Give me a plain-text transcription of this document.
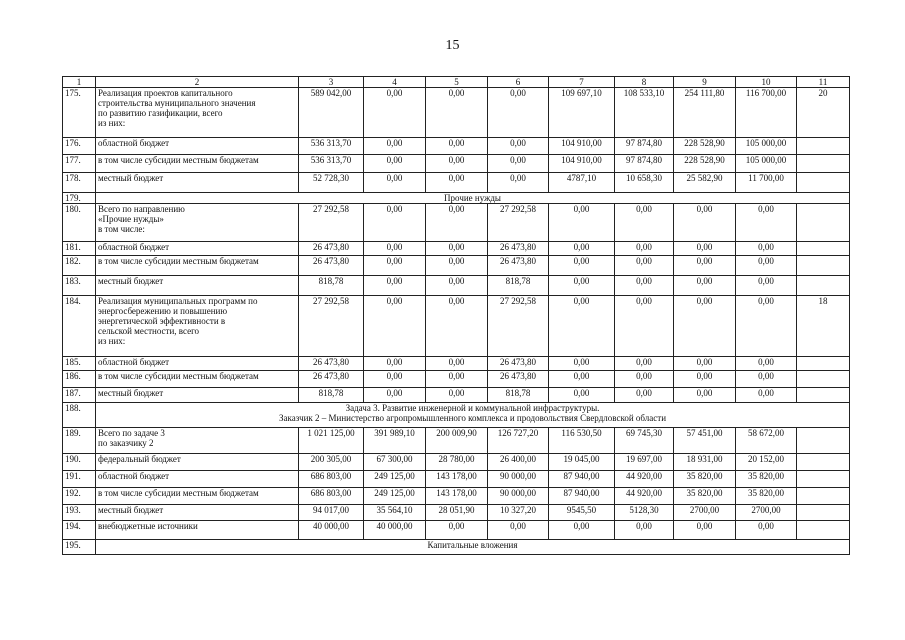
15
1	2	3	4	5	6	7	8	9	10	11
175.	Реализация проектов капитального
строительства муниципального значения
по развитию газификации, всего
из них:	589 042,00	0,00	0,00	0,00	109 697,10	108 533,10	254 111,80	116 700,00	20
176.	областной бюджет	536 313,70	0,00	0,00	0,00	104 910,00	97 874,80	228 528,90	105 000,00	
177.	в том числе субсидии местным бюджетам	536 313,70	0,00	0,00	0,00	104 910,00	97 874,80	228 528,90	105 000,00	
178.	местный бюджет	52 728,30	0,00	0,00	0,00	4787,10	10 658,30	25 582,90	11 700,00	
179.	Прочие нужды									

180.	Всего по направлению
«Прочие нужды»
в том числе:	27 292,58	0,00	0,00	27 292,58	0,00	0,00	0,00	0,00	
181.	областной бюджет	26 473,80	0,00	0,00	26 473,80	0,00	0,00	0,00	0,00	
182.	в том числе субсидии местным бюджетам	26 473,80	0,00	0,00	26 473,80	0,00	0,00	0,00	0,00	
183.	местный бюджет	818,78	0,00	0,00	818,78	0,00	0,00	0,00	0,00	
184.	Реализация муниципальных программ по
энергосбережению и повышению
энергетической эффективности в
сельской местности, всего
из них:	27 292,58	0,00	0,00	27 292,58	0,00	0,00	0,00	0,00	18
185.	областной бюджет	26 473,80	0,00	0,00	26 473,80	0,00	0,00	0,00	0,00	
186.	в том числе субсидии местным бюджетам	26 473,80	0,00	0,00	26 473,80	0,00	0,00	0,00	0,00	
187.	местный бюджет	818,78	0,00	0,00	818,78	0,00	0,00	0,00	0,00	
188.	Задача 3. Развитие инженерной и коммунальной инфраструктуры.
Заказчик 2 – Министерство агропромышленного комплекса и продовольствия Свердловской области									

189.	Всего по задаче 3
по заказчику 2	1 021 125,00	391 989,10	200 009,90	126 727,20	116 530,50	69 745,30	57 451,00	58 672,00	
190.	федеральный бюджет	200 305,00	67 300,00	28 780,00	26 400,00	19 045,00	19 697,00	18 931,00	20 152,00	
191.	областной бюджет	686 803,00	249 125,00	143 178,00	90 000,00	87 940,00	44 920,00	35 820,00	35 820,00	
192.	в том числе субсидии местным бюджетам	686 803,00	249 125,00	143 178,00	90 000,00	87 940,00	44 920,00	35 820,00	35 820,00	
193.	местный бюджет	94 017,00	35 564,10	28 051,90	10 327,20	9545,50	5128,30	2700,00	2700,00	
194.	внебюджетные источники	40 000,00	40 000,00	0,00	0,00	0,00	0,00	0,00	0,00	
195.	Капитальные вложения									
